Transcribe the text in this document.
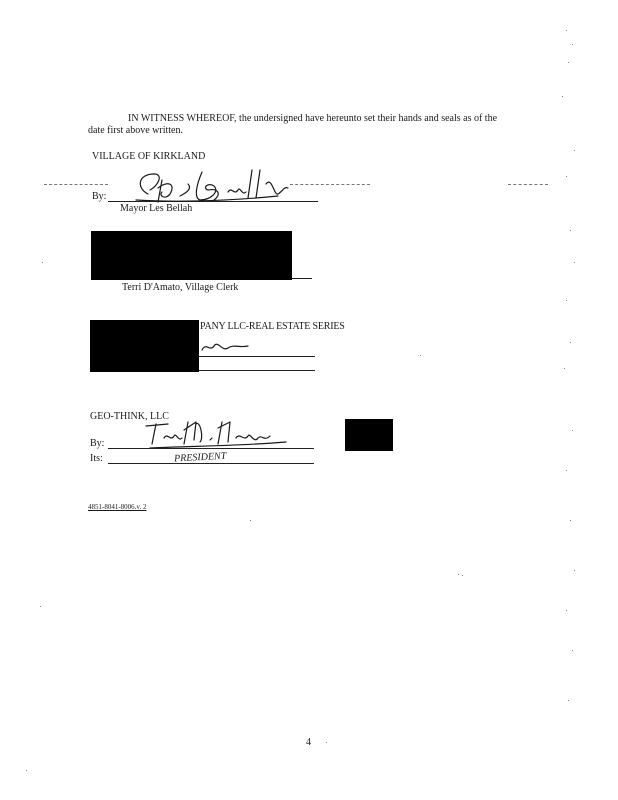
IN WITNESS WHEREOF, the undersigned have hereunto set their hands and seals as of the
date first above written.
VILLAGE OF KIRKLAND
By:
Mayor Les Bellah
Terri D'Amato, Village Clerk
PANY LLC-REAL ESTATE SERIES
GEO-THINK, LLC
By:
Its:	PRESIDENT
4851-8041-8006.v. 2
4
